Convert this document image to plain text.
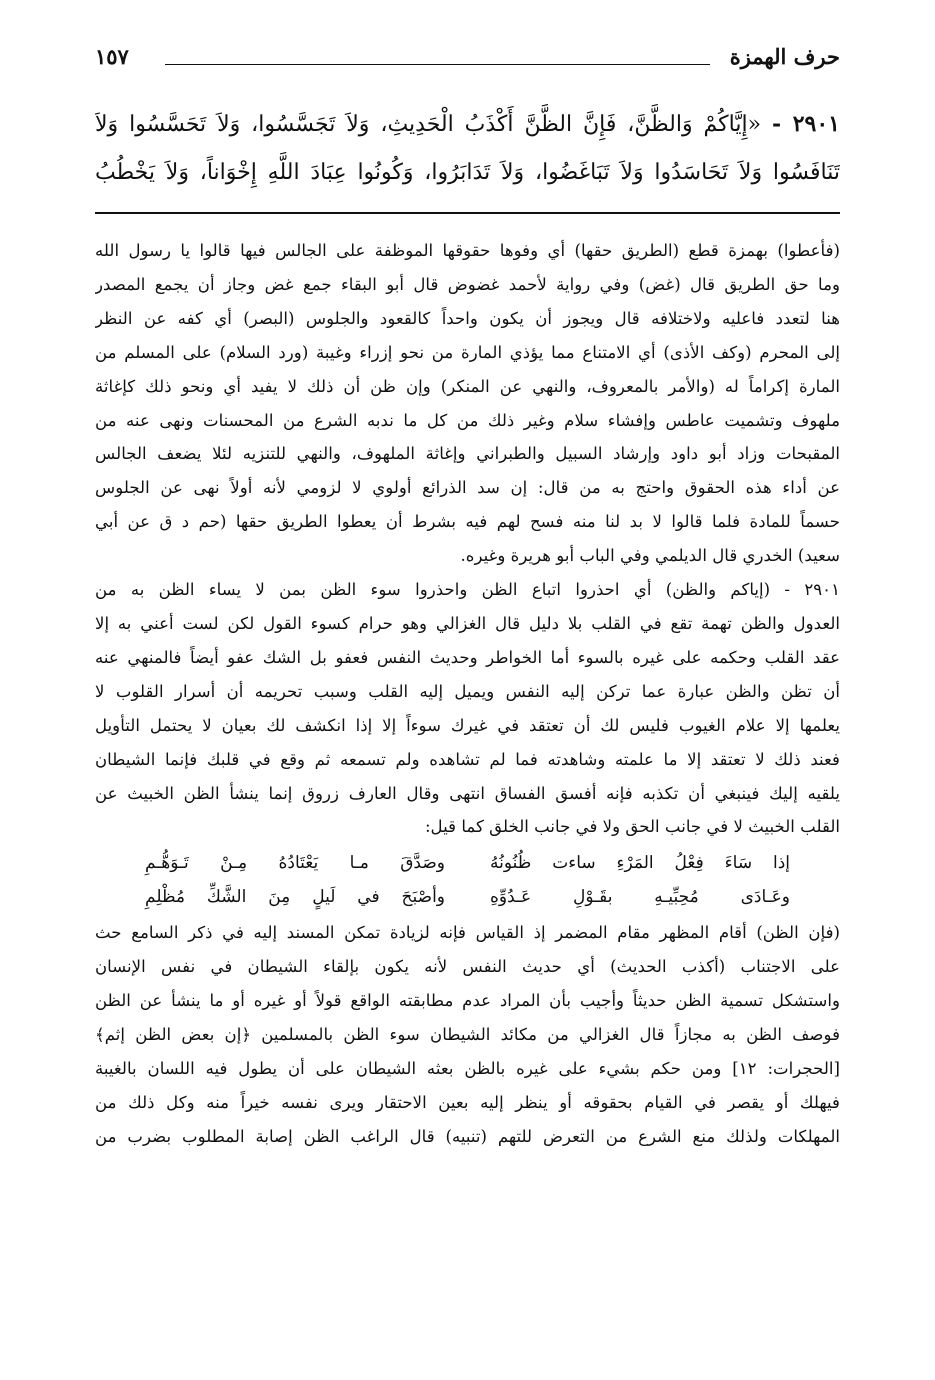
حرف الهمزة
١٥٧
٢٩٠١ - «إِيَّاكُمْ وَالظَّنَّ، فَإِنَّ الظَّنَّ أَكْذَبُ الْحَدِيثِ، وَلاَ تَجَسَّسُوا، وَلاَ تَحَسَّسُوا وَلاَ
تَنَافَسُوا وَلاَ تَحَاسَدُوا وَلاَ تَبَاغَضُوا، وَلاَ تَدَابَرُوا، وَكُونُوا عِبَادَ اللَّهِ إِخْوَاناً، وَلاَ يَخْطُبُ
(فأعطوا) بهمزة قطع (الطريق حقها) أي وفوها حقوقها الموظفة على الجالس فيها قالوا يا رسول الله
وما حق الطريق قال (غض) وفي رواية لأحمد غضوض قال أبو البقاء جمع غض وجاز أن يجمع المصدر
هنا لتعدد فاعليه ولاختلافه قال ويجوز أن يكون واحداً كالقعود والجلوس (البصر) أي كفه عن النظر
إلى المحرم (وكف الأذى) أي الامتناع مما يؤذي المارة من نحو إزراء وغيبة (ورد السلام) على المسلم من
المارة إكراماً له (والأمر بالمعروف، والنهي عن المنكر) وإن ظن أن ذلك لا يفيد أي ونحو ذلك كإغاثة
ملهوف وتشميت عاطس وإفشاء سلام وغير ذلك من كل ما ندبه الشرع من المحسنات ونهى عنه من
المقبحات وزاد أبو داود وإرشاد السبيل والطبراني وإغاثة الملهوف، والنهي للتنزيه لئلا يضعف الجالس
عن أداء هذه الحقوق واحتج به من قال: إن سد الذرائع أولوي لا لزومي لأنه أولاً نهى عن الجلوس
حسماً للمادة فلما قالوا لا بد لنا منه فسح لهم فيه بشرط أن يعطوا الطريق حقها (حم د ق عن أبي
سعيد) الخدري قال الديلمي وفي الباب أبو هريرة وغيره.
٢٩٠١ - (إياكم والظن) أي احذروا اتباع الظن واحذروا سوء الظن بمن لا يساء الظن به من
العدول والظن تهمة تقع في القلب بلا دليل قال الغزالي وهو حرام كسوء القول لكن لست أعني به إلا
عقد القلب وحكمه على غيره بالسوء أما الخواطر وحديث النفس فعفو بل الشك عفو أيضاً فالمنهي عنه
أن تظن والظن عبارة عما تركن إليه النفس ويميل إليه القلب وسبب تحريمه أن أسرار القلوب لا
يعلمها إلا علام الغيوب فليس لك أن تعتقد في غيرك سوءاً إلا إذا انكشف لك بعيان لا يحتمل التأويل
فعند ذلك لا تعتقد إلا ما علمته وشاهدته فما لم تشاهده ولم تسمعه ثم وقع في قلبك فإنما الشيطان
يلقيه إليك فينبغي أن تكذبه فإنه أفسق الفساق انتهى وقال العارف زروق إنما ينشأ الظن الخبيث عن
القلب الخبيث لا في جانب الحق ولا في جانب الخلق كما قيل:
إذا سَاءَ فِعْلُ المَرْءِ ساءت ظُنُونُهُ
وصَدَّقَ مـا يَعْتَادُهُ مِـنْ تَـوَهُّـمِ
وعَـادَى مُحِبِّيـهِ بقَـوْلِ عَـدُوِّهِ
وأصْبَحَ في لَيلٍ مِنَ الشَّكِّ مُظْلِمِ
(فإن الظن) أقام المظهر مقام المضمر إذ القياس فإنه لزيادة تمكن المسند إليه في ذكر السامع حث
على الاجتناب (أكذب الحديث) أي حديث النفس لأنه يكون بإلقاء الشيطان في نفس الإنسان
واستشكل تسمية الظن حديثاً وأجيب بأن المراد عدم مطابقته الواقع قولاً أو غيره أو ما ينشأ عن الظن
فوصف الظن به مجازاً قال الغزالي من مكائد الشيطان سوء الظن بالمسلمين ﴿إن بعض الظن إثم﴾
[الحجرات: ١٢] ومن حكم بشيء على غيره بالظن بعثه الشيطان على أن يطول فيه اللسان بالغيبة
فيهلك أو يقصر في القيام بحقوقه أو ينظر إليه بعين الاحتقار ويرى نفسه خيراً منه وكل ذلك من
المهلكات ولذلك منع الشرع من التعرض للتهم (تنبيه) قال الراغب الظن إصابة المطلوب بضرب من
